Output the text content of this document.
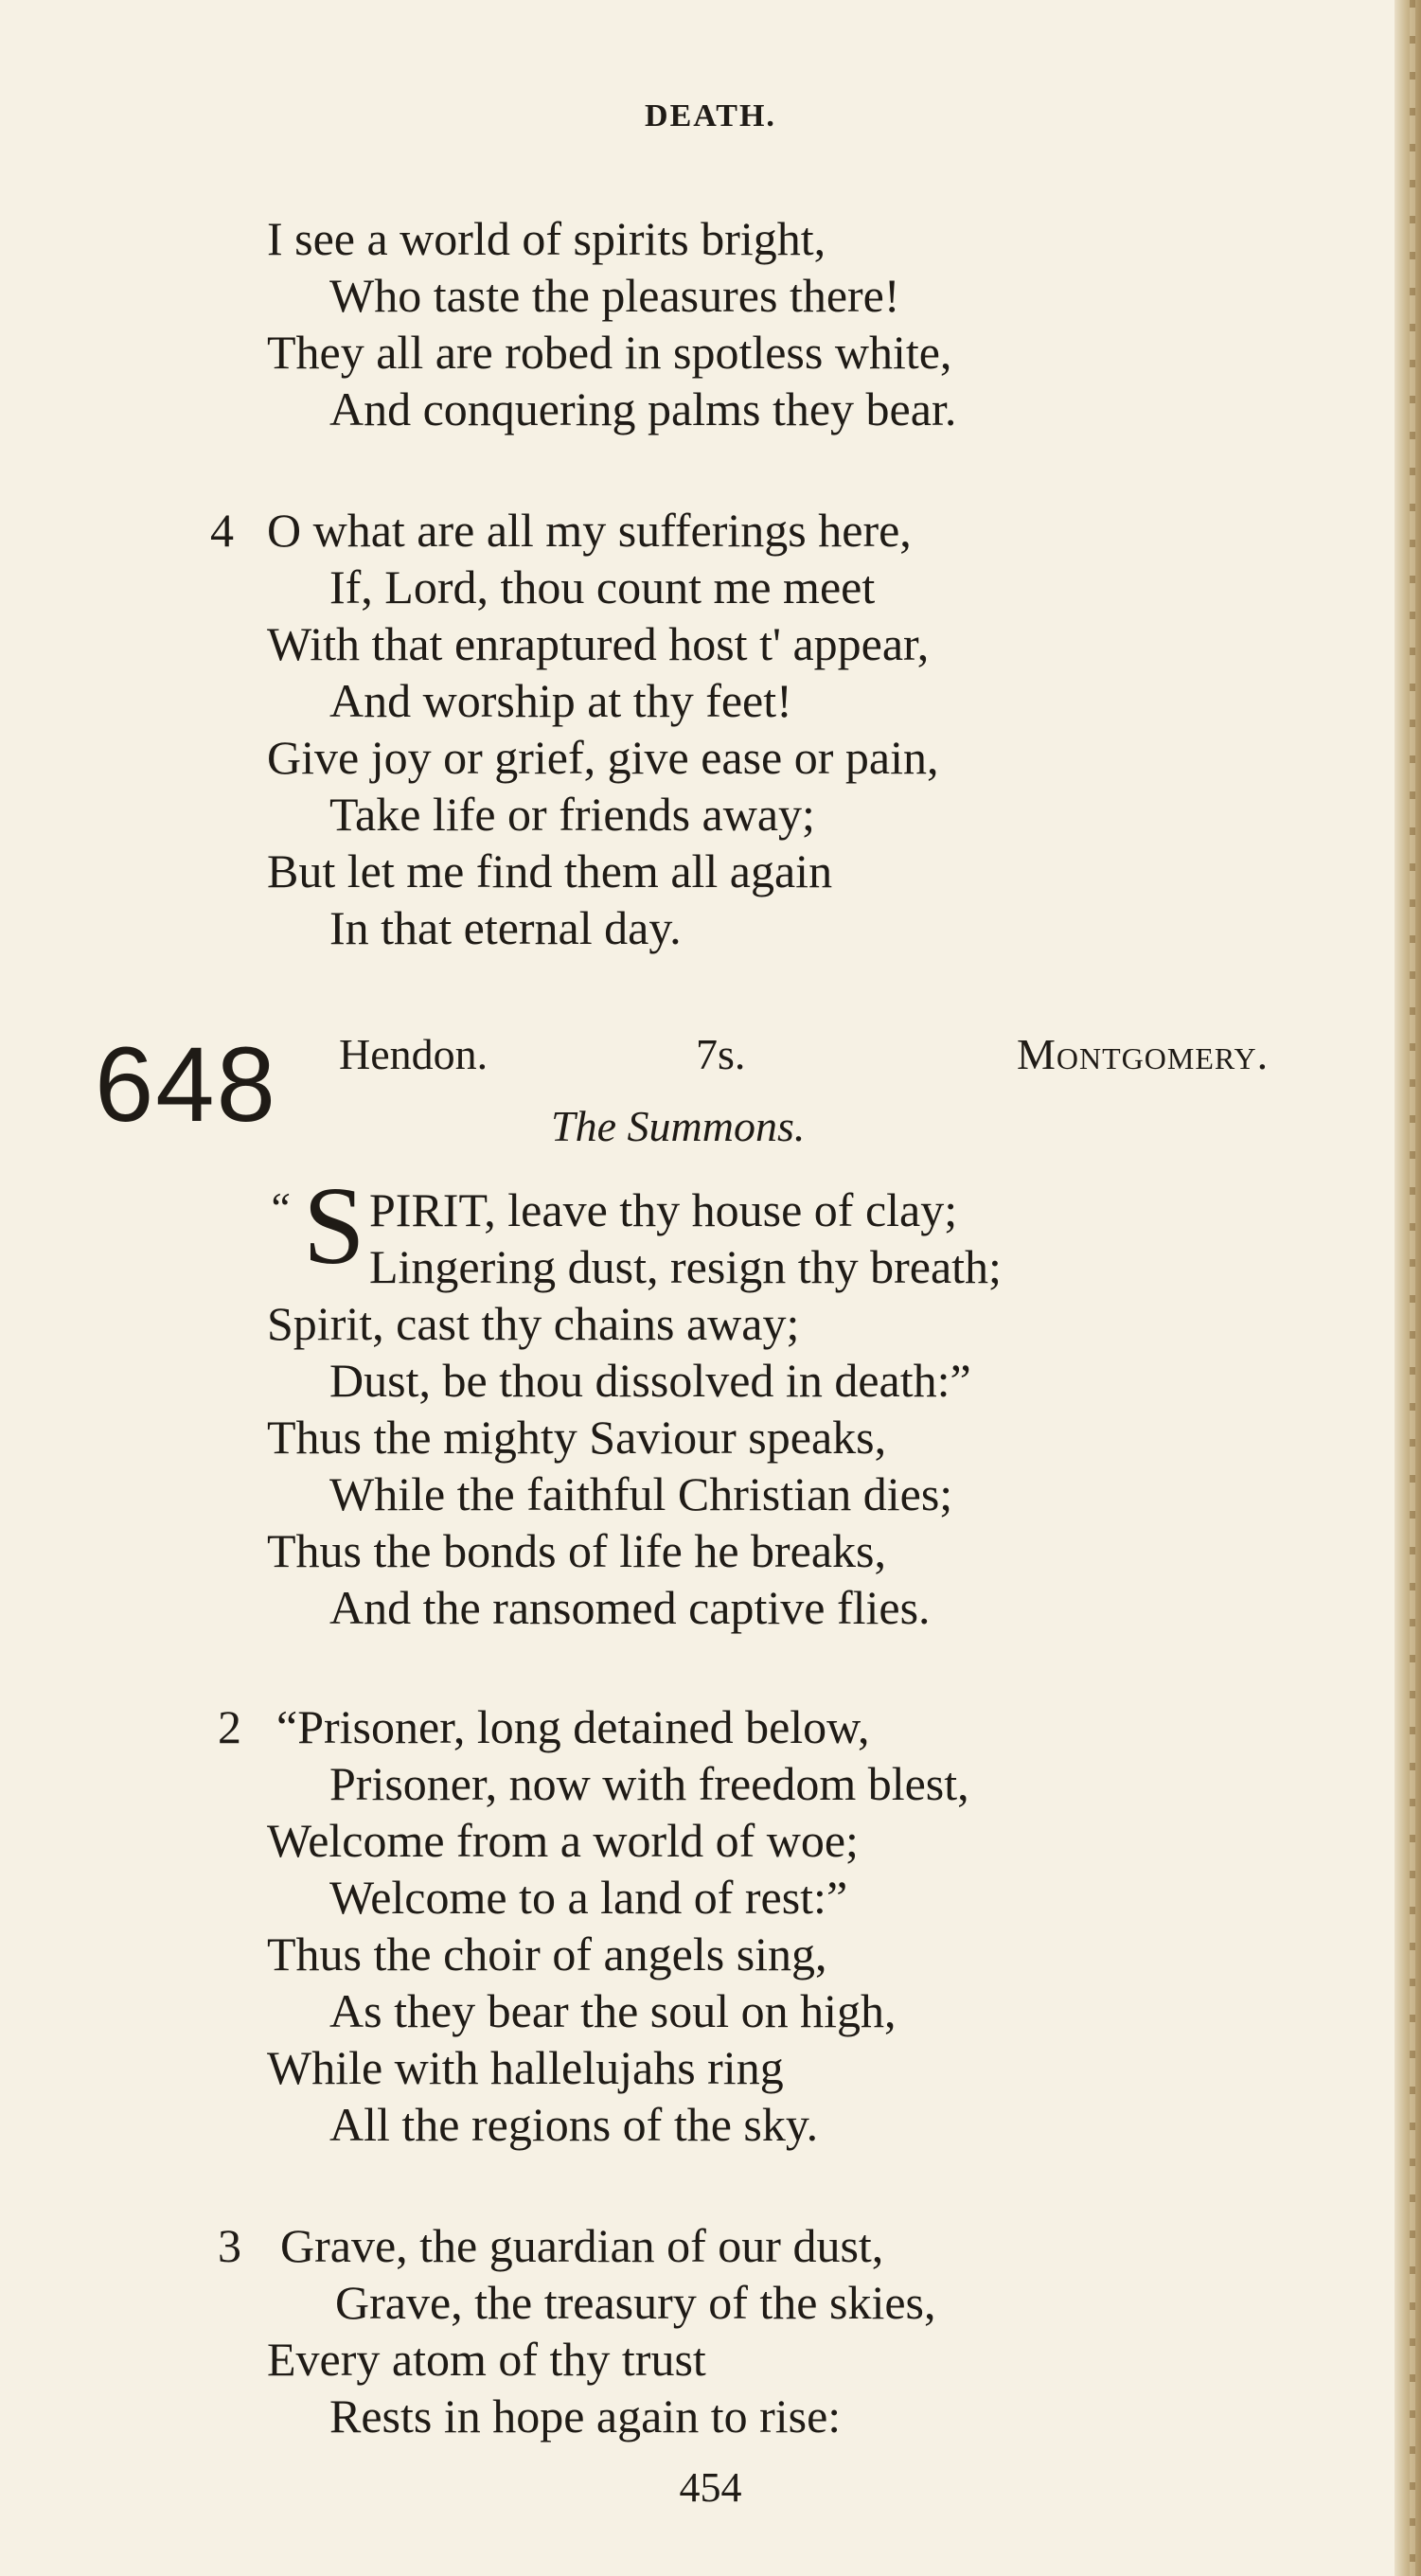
DEATH.
I see a world of spirits bright,
Who taste the pleasures there!
They all are robed in spotless white,
And conquering palms they bear.
4 O what are all my sufferings here,
If, Lord, thou count me meet
With that enraptured host t' appear,
And worship at thy feet!
Give joy or grief, give ease or pain,
Take life or friends away;
But let me find them all again
In that eternal day.
648 Hendon.	7s.	Montgomery.
The Summons.
“ S PIRIT, leave thy house of clay;
Lingering dust, resign thy breath;
Spirit, cast thy chains away;
Dust, be thou dissolved in death:”
Thus the mighty Saviour speaks,
While the faithful Christian dies;
Thus the bonds of life he breaks,
And the ransomed captive flies.
2 “Prisoner, long detained below,
Prisoner, now with freedom blest,
Welcome from a world of woe;
Welcome to a land of rest:”
Thus the choir of angels sing,
As they bear the soul on high,
While with hallelujahs ring
All the regions of the sky.
3 Grave, the guardian of our dust,
Grave, the treasury of the skies,
Every atom of thy trust
Rests in hope again to rise:
454
